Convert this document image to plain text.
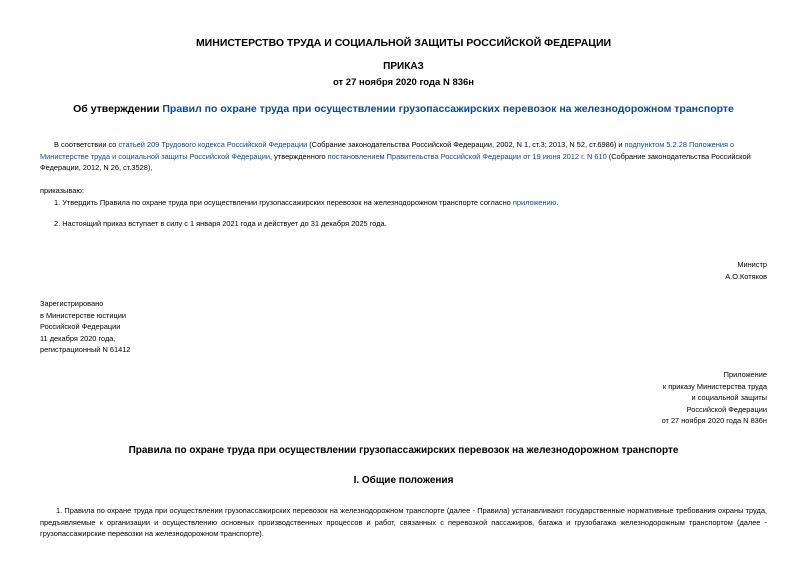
МИНИСТЕРСТВО ТРУДА И СОЦИАЛЬНОЙ ЗАЩИТЫ РОССИЙСКОЙ ФЕДЕРАЦИИ
ПРИКАЗ
от 27 ноября 2020 года N 836н
Об утверждении Правил по охране труда при осуществлении грузопассажирских перевозок на железнодорожном транспорте
В соответствии со статьей 209 Трудового кодекса Российской Федерации (Собрание законодательства Российской Федерации, 2002, N 1, ст.3; 2013, N 52, ст.6986) и подпунктом 5.2.28 Положения о Министерстве труда и социальной защиты Российской Федерации, утвержденного постановлением Правительства Российской Федерации от 19 июня 2012 г. N 610 (Собрание законодательства Российской Федерации, 2012, N 26, ст.3528),
приказываю:
1. Утвердить Правила по охране труда при осуществлении грузопассажирских перевозок на железнодорожном транспорте согласно приложению.
2. Настоящий приказ вступает в силу с 1 января 2021 года и действует до 31 декабря 2025 года.
Министр
А.О.Котяков
Зарегистрировано
в Министерстве юстиции
Российской Федерации
11 декабря 2020 года,
регистрационный N 61412
Приложение
к приказу Министерства труда
и социальной защиты
Российской Федерации
от 27 ноября 2020 года N 836н
Правила по охране труда при осуществлении грузопассажирских перевозок на железнодорожном транспорте
I. Общие положения
1. Правила по охране труда при осуществлении грузопассажирских перевозок на железнодорожном транспорте (далее - Правила) устанавливают государственные нормативные требования охраны труда, предъявляемые к организации и осуществлению основных производственных процессов и работ, связанных с перевозкой пассажиров, багажа и грузобагажа железнодорожным транспортом (далее - грузопассажирские перевозки на железнодорожном транспорте).
